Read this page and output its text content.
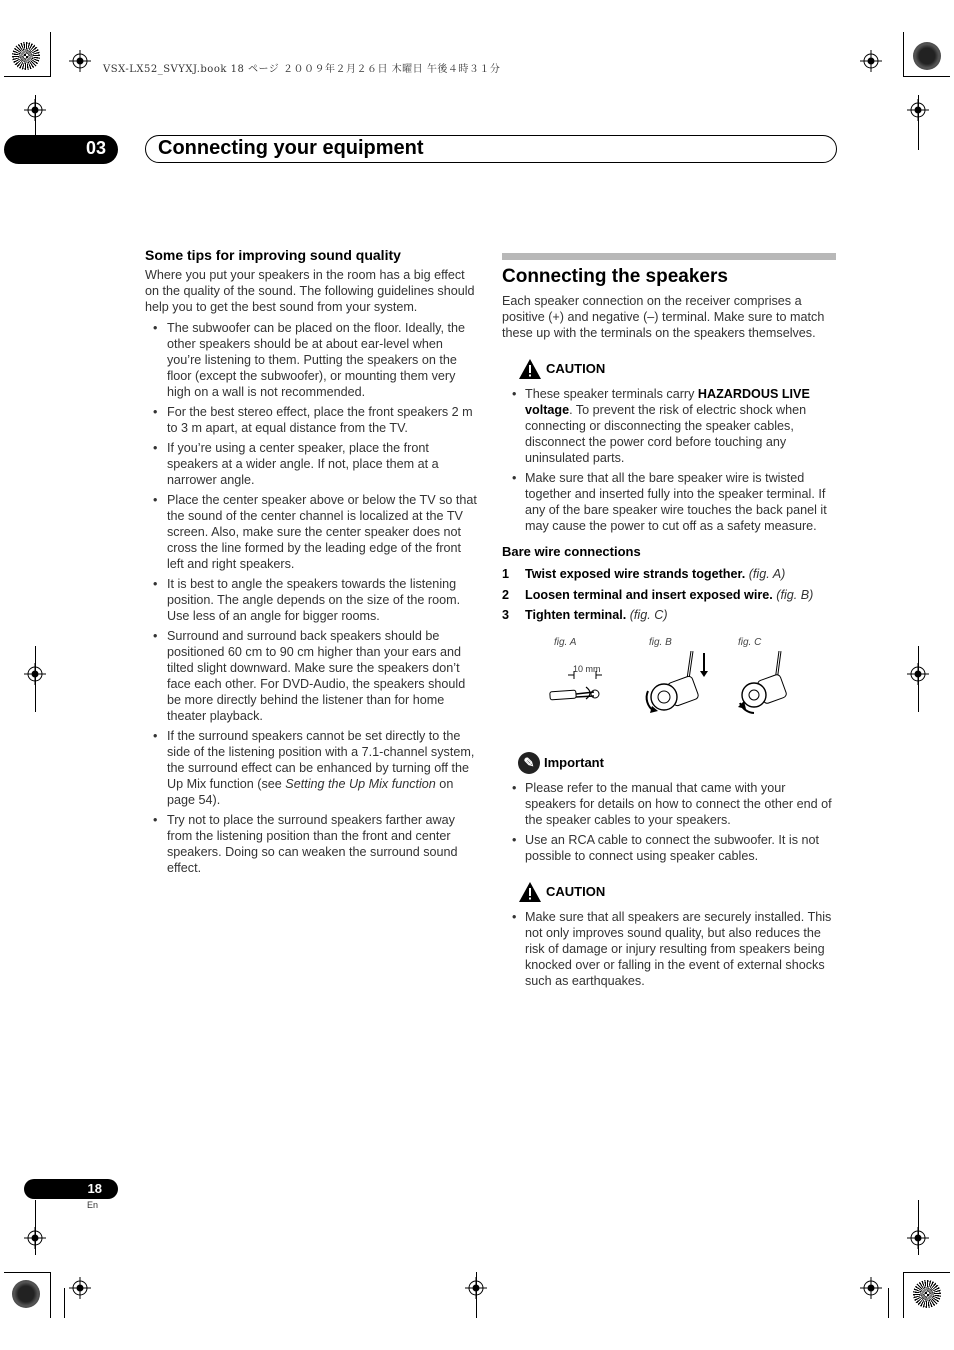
VSX-LX52_SVYXJ.book 18 ページ ２００９年２月２６日 木曜日 午後４時３１分
03	Connecting your equipment
Some tips for improving sound quality

Where you put your speakers in the room has a big effect on the quality of the sound. The following guidelines should help you to get the best sound from your system.

• The subwoofer can be placed on the floor. Ideally, the other speakers should be at about ear-level when you’re listening to them. Putting the speakers on the floor (except the subwoofer), or mounting them very high on a wall is not recommended.
• For the best stereo effect, place the front speakers 2 m to 3 m apart, at equal distance from the TV.
• If you’re using a center speaker, place the front speakers at a wider angle. If not, place them at a narrower angle.
• Place the center speaker above or below the TV so that the sound of the center channel is localized at the TV screen. Also, make sure the center speaker does not cross the line formed by the leading edge of the front left and right speakers.
• It is best to angle the speakers towards the listening position. The angle depends on the size of the room. Use less of an angle for bigger rooms.
• Surround and surround back speakers should be positioned 60 cm to 90 cm higher than your ears and tilted slight downward. Make sure the speakers don’t face each other. For DVD-Audio, the speakers should be more directly behind the listener than for home theater playback.
• If the surround speakers cannot be set directly to the side of the listening position with a 7.1-channel system, the surround effect can be enhanced by turning off the Up Mix function (see Setting the Up Mix function on page 54).
• Try not to place the surround speakers farther away from the listening position than the front and center speakers. Doing so can weaken the surround sound effect.
Connecting the speakers

Each speaker connection on the receiver comprises a positive (+) and negative (–) terminal. Make sure to match these up with the terminals on the speakers themselves.

CAUTION
• These speaker terminals carry HAZARDOUS LIVE voltage. To prevent the risk of electric shock when connecting or disconnecting the speaker cables, disconnect the power cord before touching any uninsulated parts.
• Make sure that all the bare speaker wire is twisted together and inserted fully into the speaker terminal. If any of the bare speaker wire touches the back panel it may cause the power to cut off as a safety measure.
Bare wire connections
1 Twist exposed wire strands together. (fig. A)
2 Loosen terminal and insert exposed wire. (fig. B)
3 Tighten terminal. (fig. C)
fig. A	fig. B	fig. C
10 mm
✎ Important
• Please refer to the manual that came with your speakers for details on how to connect the other end of the speaker cables to your speakers.
• Use an RCA cable to connect the subwoofer. It is not possible to connect using speaker cables.
CAUTION
• Make sure that all speakers are securely installed. This not only improves sound quality, but also reduces the risk of damage or injury resulting from speakers being knocked over or falling in the event of external shocks such as earthquakes.
18
En
